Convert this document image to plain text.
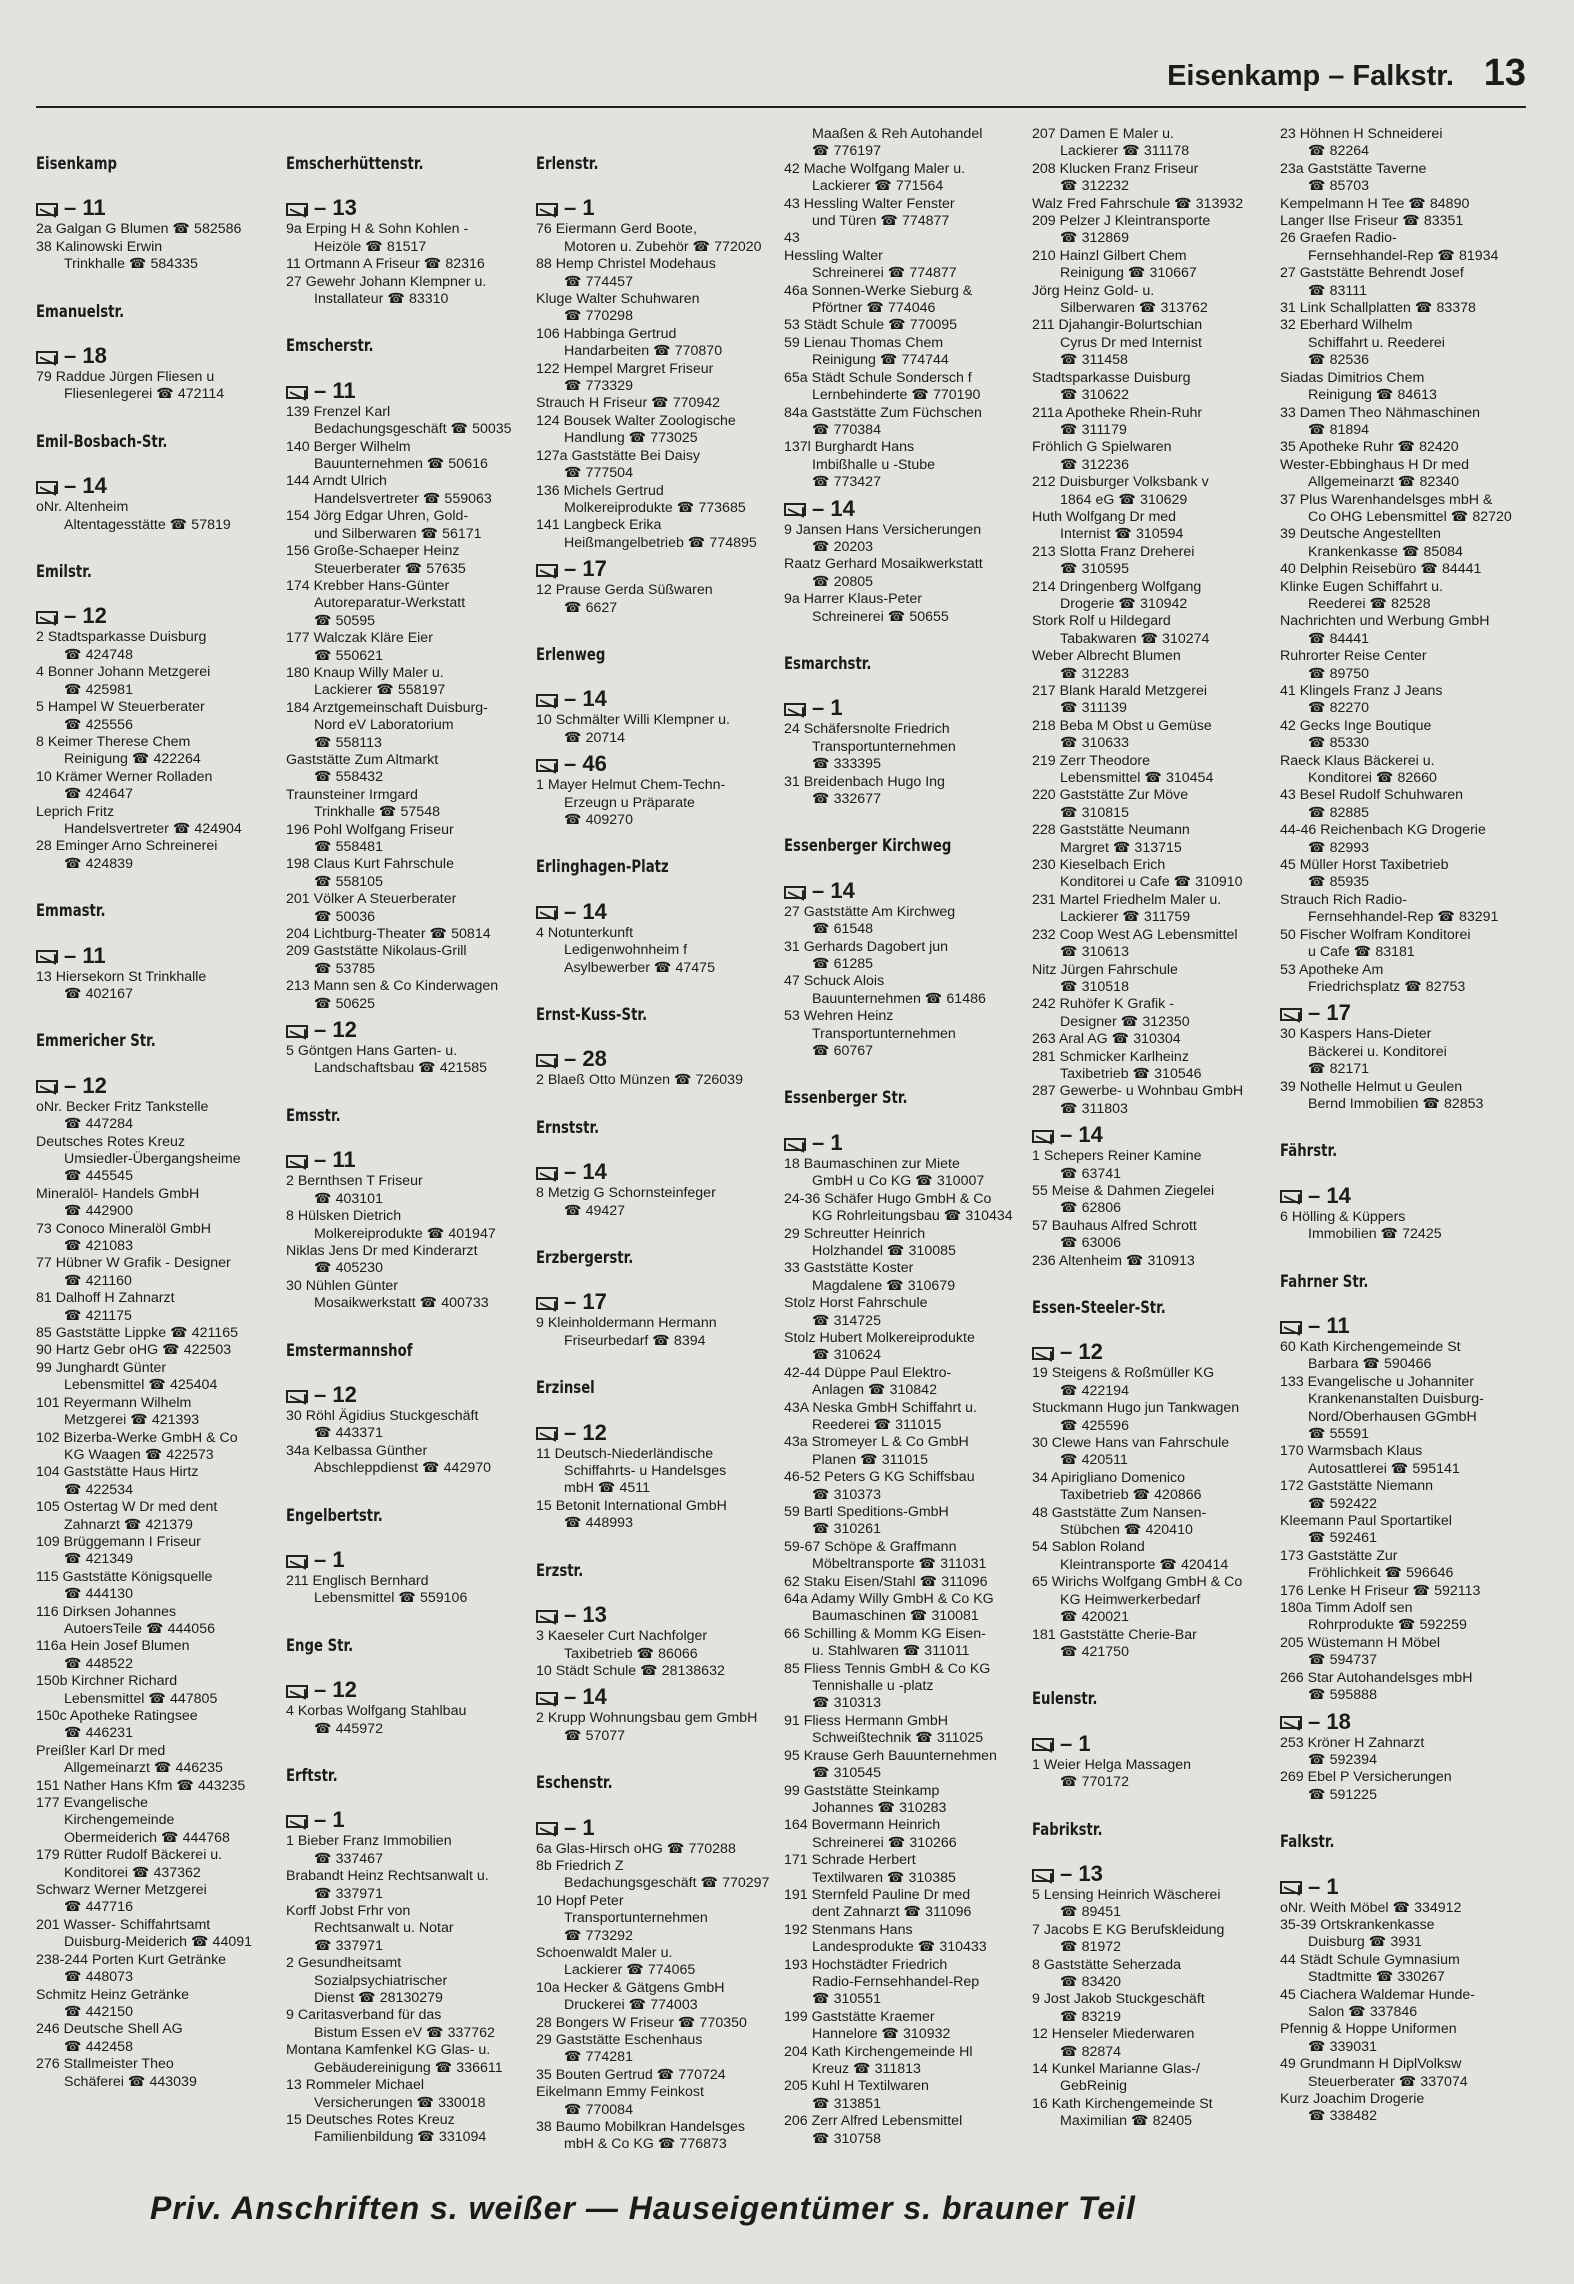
Eisenkamp – Falkstr. 13

Eisenkamp

– 11

2a Galgan G Blumen ☎ 582586

38 Kalinowski Erwin

Trinkhalle ☎ 584335

Emanuelstr.

– 18

79 Raddue Jürgen Fliesen u

Fliesenlegerei ☎ 472114

Emil-Bosbach-Str.

– 14

oNr. Altenheim

Altentagesstätte ☎ 57819

Emilstr.

– 12

2 Stadtsparkasse Duisburg

☎ 424748

4 Bonner Johann Metzgerei

☎ 425981

5 Hampel W Steuerberater

☎ 425556

8 Keimer Therese Chem

Reinigung ☎ 422264

10 Krämer Werner Rolladen

☎ 424647

Leprich Fritz

Handelsvertreter ☎ 424904

28 Eminger Arno Schreinerei

☎ 424839

Emmastr.

– 11

13 Hiersekorn St Trinkhalle

☎ 402167

Emmericher Str.

– 12

oNr. Becker Fritz Tankstelle

☎ 447284

Deutsches Rotes Kreuz

Umsiedler-Übergangsheime

☎ 445545

Mineralöl- Handels GmbH

☎ 442900

73 Conoco Mineralöl GmbH

☎ 421083

77 Hübner W Grafik - Designer

☎ 421160

81 Dalhoff H Zahnarzt

☎ 421175

85 Gaststätte Lippke ☎ 421165

90 Hartz Gebr oHG ☎ 422503

99 Junghardt Günter

Lebensmittel ☎ 425404

101 Reyermann Wilhelm

Metzgerei ☎ 421393

102 Bizerba-Werke GmbH & Co

KG Waagen ☎ 422573

104 Gaststätte Haus Hirtz

☎ 422534

105 Ostertag W Dr med dent

Zahnarzt ☎ 421379

109 Brüggemann I Friseur

☎ 421349

115 Gaststätte Königsquelle

☎ 444130

116 Dirksen Johannes

AutoersTeile ☎ 444056

116a Hein Josef Blumen

☎ 448522

150b Kirchner Richard

Lebensmittel ☎ 447805

150c Apotheke Ratingsee

☎ 446231

Preißler Karl Dr med

Allgemeinarzt ☎ 446235

151 Nather Hans Kfm ☎ 443235

177 Evangelische

Kirchengemeinde

Obermeiderich ☎ 444768

179 Rütter Rudolf Bäckerei u.

Konditorei ☎ 437362

Schwarz Werner Metzgerei

☎ 447716

201 Wasser- Schiffahrtsamt

Duisburg-Meiderich ☎ 44091

238-244 Porten Kurt Getränke

☎ 448073

Schmitz Heinz Getränke

☎ 442150

246 Deutsche Shell AG

☎ 442458

276 Stallmeister Theo

Schäferei ☎ 443039

Emscherhüttenstr.

– 13

9a Erping H & Sohn Kohlen -

Heizöle ☎ 81517

11 Ortmann A Friseur ☎ 82316

27 Gewehr Johann Klempner u.

Installateur ☎ 83310

Emscherstr.

– 11

139 Frenzel Karl

Bedachungsgeschäft ☎ 50035

140 Berger Wilhelm

Bauunternehmen ☎ 50616

144 Arndt Ulrich

Handelsvertreter ☎ 559063

154 Jörg Edgar Uhren, Gold-

und Silberwaren ☎ 56171

156 Große-Schaeper Heinz

Steuerberater ☎ 57635

174 Krebber Hans-Günter

Autoreparatur-Werkstatt

☎ 50595

177 Walczak Kläre Eier

☎ 550621

180 Knaup Willy Maler u.

Lackierer ☎ 558197

184 Arztgemeinschaft Duisburg-

Nord eV Laboratorium

☎ 558113

Gaststätte Zum Altmarkt

☎ 558432

Traunsteiner Irmgard

Trinkhalle ☎ 57548

196 Pohl Wolfgang Friseur

☎ 558481

198 Claus Kurt Fahrschule

☎ 558105

201 Völker A Steuerberater

☎ 50036

204 Lichtburg-Theater ☎ 50814

209 Gaststätte Nikolaus-Grill

☎ 53785

213 Mann sen & Co Kinderwagen

☎ 50625

– 12

5 Göntgen Hans Garten- u.

Landschaftsbau ☎ 421585

Emsstr.

– 11

2 Bernthsen T Friseur

☎ 403101

8 Hülsken Dietrich

Molkereiprodukte ☎ 401947

Niklas Jens Dr med Kinderarzt

☎ 405230

30 Nühlen Günter

Mosaikwerkstatt ☎ 400733

Emstermannshof

– 12

30 Röhl Ägidius Stuckgeschäft

☎ 443371

34a Kelbassa Günther

Abschleppdienst ☎ 442970

Engelbertstr.

– 1

211 Englisch Bernhard

Lebensmittel ☎ 559106

Enge Str.

– 12

4 Korbas Wolfgang Stahlbau

☎ 445972

Erftstr.

– 1

1 Bieber Franz Immobilien

☎ 337467

Brabandt Heinz Rechtsanwalt u.

☎ 337971

Korff Jobst Frhr von

Rechtsanwalt u. Notar

☎ 337971

2 Gesundheitsamt

Sozialpsychiatrischer

Dienst ☎ 28130279

9 Caritasverband für das

Bistum Essen eV ☎ 337762

Montana Kamfenkel KG Glas- u.

Gebäudereinigung ☎ 336611

13 Rommeler Michael

Versicherungen ☎ 330018

15 Deutsches Rotes Kreuz

Familienbildung ☎ 331094

Erlenstr.

– 1

76 Eiermann Gerd Boote,

Motoren u. Zubehör ☎ 772020

88 Hemp Christel Modehaus

☎ 774457

Kluge Walter Schuhwaren

☎ 770298

106 Habbinga Gertrud

Handarbeiten ☎ 770870

122 Hempel Margret Friseur

☎ 773329

Strauch H Friseur ☎ 770942

124 Bousek Walter Zoologische

Handlung ☎ 773025

127a Gaststätte Bei Daisy

☎ 777504

136 Michels Gertrud

Molkereiprodukte ☎ 773685

141 Langbeck Erika

Heißmangelbetrieb ☎ 774895

– 17

12 Prause Gerda Süßwaren

☎ 6627

Erlenweg

– 14

10 Schmälter Willi Klempner u.

☎ 20714

– 46

1 Mayer Helmut Chem-Techn-

Erzeugn u Präparate

☎ 409270

Erlinghagen-Platz

– 14

4 Notunterkunft

Ledigenwohnheim f

Asylbewerber ☎ 47475

Ernst-Kuss-Str.

– 28

2 Blaeß Otto Münzen ☎ 726039

Ernststr.

– 14

8 Metzig G Schornsteinfeger

☎ 49427

Erzbergerstr.

– 17

9 Kleinholdermann Hermann

Friseurbedarf ☎ 8394

Erzinsel

– 12

11 Deutsch-Niederländische

Schiffahrts- u Handelsges

mbH ☎ 4511

15 Betonit International GmbH

☎ 448993

Erzstr.

– 13

3 Kaeseler Curt Nachfolger

Taxibetrieb ☎ 86066

10 Städt Schule ☎ 28138632

– 14

2 Krupp Wohnungsbau gem GmbH

☎ 57077

Eschenstr.

– 1

6a Glas-Hirsch oHG ☎ 770288

8b Friedrich Z

Bedachungsgeschäft ☎ 770297

10 Hopf Peter

Transportunternehmen

☎ 773292

Schoenwaldt Maler u.

Lackierer ☎ 774065

10a Hecker & Gätgens GmbH

Druckerei ☎ 774003

28 Bongers W Friseur ☎ 770350

29 Gaststätte Eschenhaus

☎ 774281

35 Bouten Gertrud ☎ 770724

Eikelmann Emmy Feinkost

☎ 770084

38 Baumo Mobilkran Handelsges

mbH & Co KG ☎ 776873

Maaßen & Reh Autohandel

☎ 776197

42 Mache Wolfgang Maler u.

Lackierer ☎ 771564

43 Hessling Walter Fenster

und Türen ☎ 774877

43

Hessling Walter

Schreinerei ☎ 774877

46a Sonnen-Werke Sieburg &

Pförtner ☎ 774046

53 Städt Schule ☎ 770095

59 Lienau Thomas Chem

Reinigung ☎ 774744

65a Städt Schule Sondersch f

Lernbehinderte ☎ 770190

84a Gaststätte Zum Füchschen

☎ 770384

137l Burghardt Hans

Imbißhalle u -Stube

☎ 773427

– 14

9 Jansen Hans Versicherungen

☎ 20203

Raatz Gerhard Mosaikwerkstatt

☎ 20805

9a Harrer Klaus-Peter

Schreinerei ☎ 50655

Esmarchstr.

– 1

24 Schäfersnolte Friedrich

Transportunternehmen

☎ 333395

31 Breidenbach Hugo Ing

☎ 332677

Essenberger Kirchweg

– 14

27 Gaststätte Am Kirchweg

☎ 61548

31 Gerhards Dagobert jun

☎ 61285

47 Schuck Alois

Bauunternehmen ☎ 61486

53 Wehren Heinz

Transportunternehmen

☎ 60767

Essenberger Str.

– 1

18 Baumaschinen zur Miete

GmbH u Co KG ☎ 310007

24-36 Schäfer Hugo GmbH & Co

KG Rohrleitungsbau ☎ 310434

29 Schreutter Heinrich

Holzhandel ☎ 310085

33 Gaststätte Koster

Magdalene ☎ 310679

Stolz Horst Fahrschule

☎ 314725

Stolz Hubert Molkereiprodukte

☎ 310624

42-44 Düppe Paul Elektro-

Anlagen ☎ 310842

43A Neska GmbH Schiffahrt u.

Reederei ☎ 311015

43a Stromeyer L & Co GmbH

Planen ☎ 311015

46-52 Peters G KG Schiffsbau

☎ 310373

59 Bartl Speditions-GmbH

☎ 310261

59-67 Schöpe & Graffmann

Möbeltransporte ☎ 311031

62 Staku Eisen/Stahl ☎ 311096

64a Adamy Willy GmbH & Co KG

Baumaschinen ☎ 310081

66 Schilling & Momm KG Eisen-

u. Stahlwaren ☎ 311011

85 Fliess Tennis GmbH & Co KG

Tennishalle u -platz

☎ 310313

91 Fliess Hermann GmbH

Schweißtechnik ☎ 311025

95 Krause Gerh Bauunternehmen

☎ 310545

99 Gaststätte Steinkamp

Johannes ☎ 310283

164 Bovermann Heinrich

Schreinerei ☎ 310266

171 Schrade Herbert

Textilwaren ☎ 310385

191 Sternfeld Pauline Dr med

dent Zahnarzt ☎ 311096

192 Stenmans Hans

Landesprodukte ☎ 310433

193 Hochstädter Friedrich

Radio-Fernsehhandel-Rep

☎ 310551

199 Gaststätte Kraemer

Hannelore ☎ 310932

204 Kath Kirchengemeinde Hl

Kreuz ☎ 311813

205 Kuhl H Textilwaren

☎ 313851

206 Zerr Alfred Lebensmittel

☎ 310758

207 Damen E Maler u.

Lackierer ☎ 311178

208 Klucken Franz Friseur

☎ 312232

Walz Fred Fahrschule ☎ 313932

209 Pelzer J Kleintransporte

☎ 312869

210 Hainzl Gilbert Chem

Reinigung ☎ 310667

Jörg Heinz Gold- u.

Silberwaren ☎ 313762

211 Djahangir-Bolurtschian

Cyrus Dr med Internist

☎ 311458

Stadtsparkasse Duisburg

☎ 310622

211a Apotheke Rhein-Ruhr

☎ 311179

Fröhlich G Spielwaren

☎ 312236

212 Duisburger Volksbank v

1864 eG ☎ 310629

Huth Wolfgang Dr med

Internist ☎ 310594

213 Slotta Franz Dreherei

☎ 310595

214 Dringenberg Wolfgang

Drogerie ☎ 310942

Stork Rolf u Hildegard

Tabakwaren ☎ 310274

Weber Albrecht Blumen

☎ 312283

217 Blank Harald Metzgerei

☎ 311139

218 Beba M Obst u Gemüse

☎ 310633

219 Zerr Theodore

Lebensmittel ☎ 310454

220 Gaststätte Zur Möve

☎ 310815

228 Gaststätte Neumann

Margret ☎ 313715

230 Kieselbach Erich

Konditorei u Cafe ☎ 310910

231 Martel Friedhelm Maler u.

Lackierer ☎ 311759

232 Coop West AG Lebensmittel

☎ 310613

Nitz Jürgen Fahrschule

☎ 310518

242 Ruhöfer K Grafik -

Designer ☎ 312350

263 Aral AG ☎ 310304

281 Schmicker Karlheinz

Taxibetrieb ☎ 310546

287 Gewerbe- u Wohnbau GmbH

☎ 311803

– 14

1 Schepers Reiner Kamine

☎ 63741

55 Meise & Dahmen Ziegelei

☎ 62806

57 Bauhaus Alfred Schrott

☎ 63006

236 Altenheim ☎ 310913

Essen-Steeler-Str.

– 12

19 Steigens & Roßmüller KG

☎ 422194

Stuckmann Hugo jun Tankwagen

☎ 425596

30 Clewe Hans van Fahrschule

☎ 420511

34 Apirigliano Domenico

Taxibetrieb ☎ 420866

48 Gaststätte Zum Nansen-

Stübchen ☎ 420410

54 Sablon Roland

Kleintransporte ☎ 420414

65 Wirichs Wolfgang GmbH & Co

KG Heimwerkerbedarf

☎ 420021

181 Gaststätte Cherie-Bar

☎ 421750

Eulenstr.

– 1

1 Weier Helga Massagen

☎ 770172

Fabrikstr.

– 13

5 Lensing Heinrich Wäscherei

☎ 89451

7 Jacobs E KG Berufskleidung

☎ 81972

8 Gaststätte Seherzada

☎ 83420

9 Jost Jakob Stuckgeschäft

☎ 83219

12 Henseler Miederwaren

☎ 82874

14 Kunkel Marianne Glas-/

GebReinig

16 Kath Kirchengemeinde St

Maximilian ☎ 82405

23 Höhnen H Schneiderei

☎ 82264

23a Gaststätte Taverne

☎ 85703

Kempelmann H Tee ☎ 84890

Langer Ilse Friseur ☎ 83351

26 Graefen Radio-

Fernsehhandel-Rep ☎ 81934

27 Gaststätte Behrendt Josef

☎ 83111

31 Link Schallplatten ☎ 83378

32 Eberhard Wilhelm

Schiffahrt u. Reederei

☎ 82536

Siadas Dimitrios Chem

Reinigung ☎ 84613

33 Damen Theo Nähmaschinen

☎ 81894

35 Apotheke Ruhr ☎ 82420

Wester-Ebbinghaus H Dr med

Allgemeinarzt ☎ 82340

37 Plus Warenhandelsges mbH &

Co OHG Lebensmittel ☎ 82720

39 Deutsche Angestellten

Krankenkasse ☎ 85084

40 Delphin Reisebüro ☎ 84441

Klinke Eugen Schiffahrt u.

Reederei ☎ 82528

Nachrichten und Werbung GmbH

☎ 84441

Ruhrorter Reise Center

☎ 89750

41 Klingels Franz J Jeans

☎ 82270

42 Gecks Inge Boutique

☎ 85330

Raeck Klaus Bäckerei u.

Konditorei ☎ 82660

43 Besel Rudolf Schuhwaren

☎ 82885

44-46 Reichenbach KG Drogerie

☎ 82993

45 Müller Horst Taxibetrieb

☎ 85935

Strauch Rich Radio-

Fernsehhandel-Rep ☎ 83291

50 Fischer Wolfram Konditorei

u Cafe ☎ 83181

53 Apotheke Am

Friedrichsplatz ☎ 82753

– 17

30 Kaspers Hans-Dieter

Bäckerei u. Konditorei

☎ 82171

39 Nothelle Helmut u Geulen

Bernd Immobilien ☎ 82853

Fährstr.

– 14

6 Hölling & Küppers

Immobilien ☎ 72425

Fahrner Str.

– 11

60 Kath Kirchengemeinde St

Barbara ☎ 590466

133 Evangelische u Johanniter

Krankenanstalten Duisburg-

Nord/Oberhausen GGmbH

☎ 55591

170 Warmsbach Klaus

Autosattlerei ☎ 595141

172 Gaststätte Niemann

☎ 592422

Kleemann Paul Sportartikel

☎ 592461

173 Gaststätte Zur

Fröhlichkeit ☎ 596646

176 Lenke H Friseur ☎ 592113

180a Timm Adolf sen

Rohrprodukte ☎ 592259

205 Wüstemann H Möbel

☎ 594737

266 Star Autohandelsges mbH

☎ 595888

– 18

253 Kröner H Zahnarzt

☎ 592394

269 Ebel P Versicherungen

☎ 591225

Falkstr.

– 1

oNr. Weith Möbel ☎ 334912

35-39 Ortskrankenkasse

Duisburg ☎ 3931

44 Städt Schule Gymnasium

Stadtmitte ☎ 330267

45 Ciachera Waldemar Hunde-

Salon ☎ 337846

Pfennig & Hoppe Uniformen

☎ 339031

49 Grundmann H DiplVolksw

Steuerberater ☎ 337074

Kurz Joachim Drogerie

☎ 338482

Priv. Anschriften s. weißer — Hauseigentümer s. brauner Teil
